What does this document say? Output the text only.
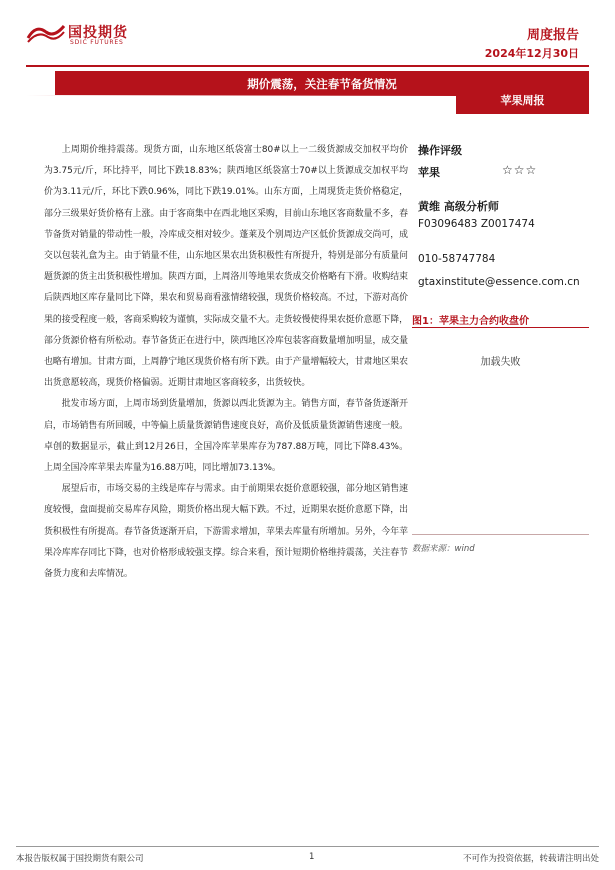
国投期货
SDIC FUTURES	周度报告
2024年12月30日
期价震荡，关注春节备货情况
苹果周报

上周期价维持震荡。现货方面，山东地区纸袋富士80#以上一二级货源成交加权平均价为3.75元/斤，环比持平，同比下跌18.83%；陕西地区纸袋富士70#以上货源成交加权平均价为3.11元/斤，环比下跌0.96%，同比下跌19.01%。山东方面，上周现货走货价格稳定，部分三级果好货价格有上涨。由于客商集中在西北地区采购，目前山东地区客商数量不多，春节备货对销量的带动性一般，冷库成交相对较少。蓬莱及个别周边产区低价货源成交尚可，成交以包装礼盒为主。由于销量不佳，山东地区果农出货积极性有所提升，特别是部分有质量问题货源的货主出货积极性增加。陕西方面，上周洛川等地果农货成交价格略有下滑。收购结束后陕西地区库存量同比下降，果农和贸易商看涨情绪较强，现货价格较高。不过，下游对高价果的接受程度一般，客商采购较为谨慎，实际成交量不大。走货较慢使得果农挺价意愿下降，部分货源价格有所松动。春节备货正在进行中，陕西地区冷库包装客商数量增加明显，成交量也略有增加。甘肃方面，上周静宁地区现货价格有所下跌。由于产量增幅较大，甘肃地区果农出货意愿较高，现货价格偏弱。近期甘肃地区客商较多，出货较快。

批发市场方面，上周市场到货量增加，货源以西北货源为主。销售方面，春节备货逐渐开启，市场销售有所回暖，中等偏上质量货源销售速度良好，高价及低质量货源销售速度一般。卓创的数据显示，截止到12月26日，全国冷库苹果库存为787.88万吨，同比下降8.43%。上周全国冷库苹果去库量为16.88万吨，同比增加73.13%。

展望后市，市场交易的主线是库存与需求。由于前期果农挺价意愿较强，部分地区销售速度较慢，盘面提前交易库存风险，期货价格出现大幅下跌。不过，近期果农挺价意愿下降，出货积极性有所提高。春节备货逐渐开启，下游需求增加，苹果去库量有所增加。另外，今年苹果冷库库存同比下降，也对价格形成较强支撑。综合来看，预计短期价格维持震荡，关注春节备货力度和去库情况。

操作评级
苹果	☆☆☆
黄维 高级分析师
F03096483 Z0017474
010-58747784
gtaxinstitute@essence.com.cn
图1：苹果主力合约收盘价
加载失败
数据来源：wind
本报告版权属于国投期货有限公司	1	不可作为投资依据，转载请注明出处
